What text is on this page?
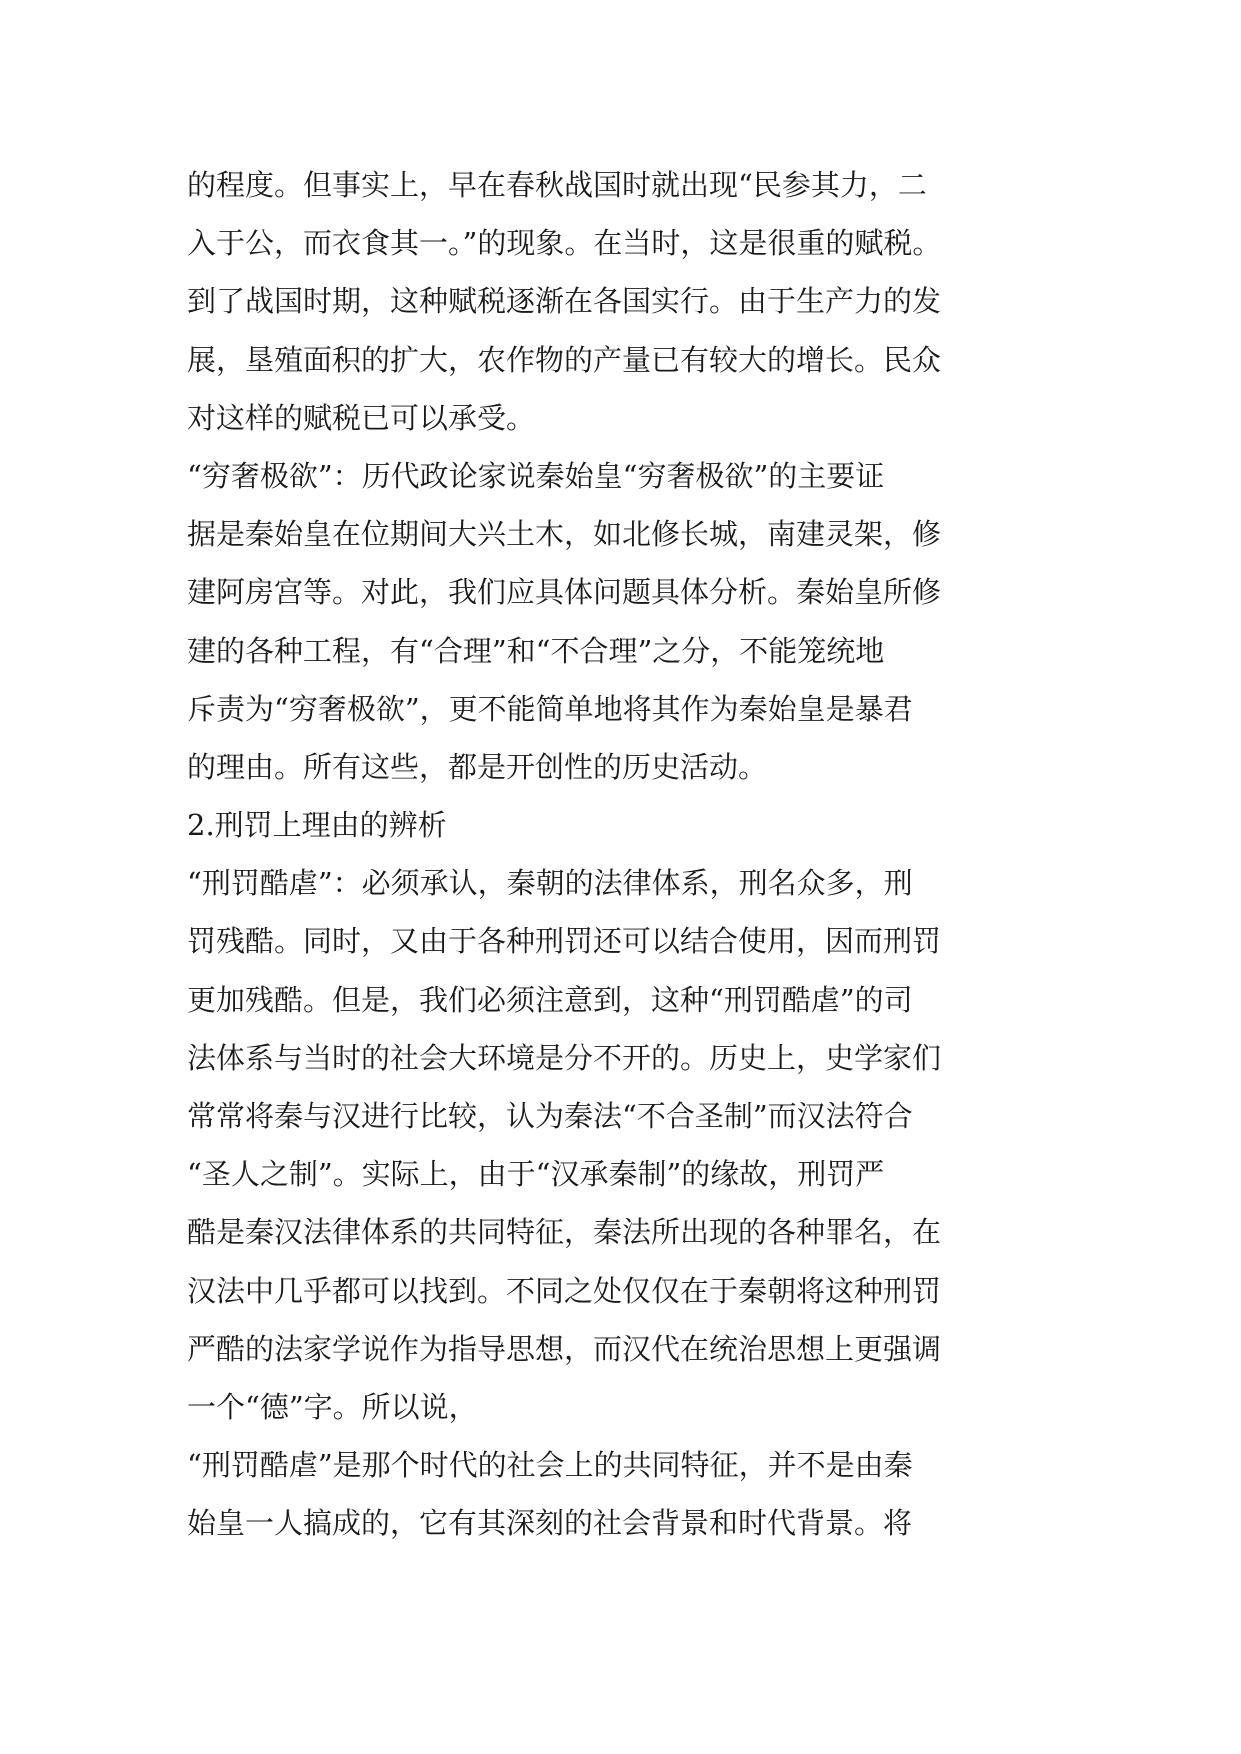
的程度。但事实上，早在春秋战国时就出现“民参其力，二
入于公，而衣食其一。”的现象。在当时，这是很重的赋税。
到了战国时期，这种赋税逐渐在各国实行。由于生产力的发
展，垦殖面积的扩大，农作物的产量已有较大的增长。民众
对这样的赋税已可以承受。
“穷奢极欲”：历代政论家说秦始皇“穷奢极欲”的主要证
据是秦始皇在位期间大兴土木，如北修长城，南建灵架，修
建阿房宫等。对此，我们应具体问题具体分析。秦始皇所修
建的各种工程，有“合理”和“不合理”之分，不能笼统地
斥责为“穷奢极欲”，更不能简单地将其作为秦始皇是暴君
的理由。所有这些，都是开创性的历史活动。
2.刑罚上理由的辨析
“刑罚酷虐”：必须承认，秦朝的法律体系，刑名众多，刑
罚残酷。同时，又由于各种刑罚还可以结合使用，因而刑罚
更加残酷。但是，我们必须注意到，这种“刑罚酷虐”的司
法体系与当时的社会大环境是分不开的。历史上，史学家们
常常将秦与汉进行比较，认为秦法“不合圣制”而汉法符合
“圣人之制”。实际上，由于“汉承秦制”的缘故，刑罚严
酷是秦汉法律体系的共同特征，秦法所出现的各种罪名，在
汉法中几乎都可以找到。不同之处仅仅在于秦朝将这种刑罚
严酷的法家学说作为指导思想，而汉代在统治思想上更强调
一个“德”字。所以说，
“刑罚酷虐”是那个时代的社会上的共同特征，并不是由秦
始皇一人搞成的，它有其深刻的社会背景和时代背景。将
